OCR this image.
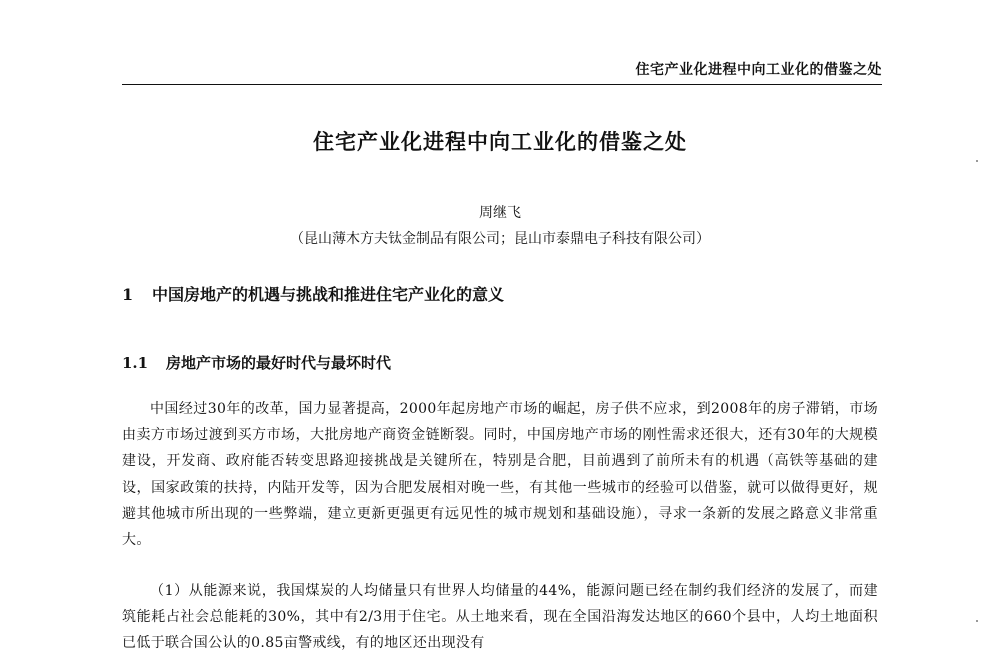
住宅产业化进程中向工业化的借鉴之处
住宅产业化进程中向工业化的借鉴之处
周继飞
（昆山薄木方夫钛金制品有限公司；昆山市泰鼎电子科技有限公司）
1 中国房地产的机遇与挑战和推进住宅产业化的意义
1.1 房地产市场的最好时代与最坏时代

中国经过30年的改革，国力显著提高，2000年起房地产市场的崛起，房子供不应求，到2008年的房子滞销，市场由卖方市场过渡到买方市场，大批房地产商资金链断裂。同时，中国房地产市场的刚性需求还很大，还有30年的大规模建设，开发商、政府能否转变思路迎接挑战是关键所在，特别是合肥，目前遇到了前所未有的机遇（高铁等基础的建设，国家政策的扶持，内陆开发等，因为合肥发展相对晚一些，有其他一些城市的经验可以借鉴，就可以做得更好，规避其他城市所出现的一些弊端，建立更新更强更有远见性的城市规划和基础设施），寻求一条新的发展之路意义非常重大。

（1）从能源来说，我国煤炭的人均储量只有世界人均储量的44%，能源问题已经在制约我们经济的发展了，而建筑能耗占社会总能耗的30%，其中有2/3用于住宅。从土地来看，现在全国沿海发达地区的660个县中，人均土地面积已低于联合国公认的0.85亩警戒线，有的地区还出现没有
